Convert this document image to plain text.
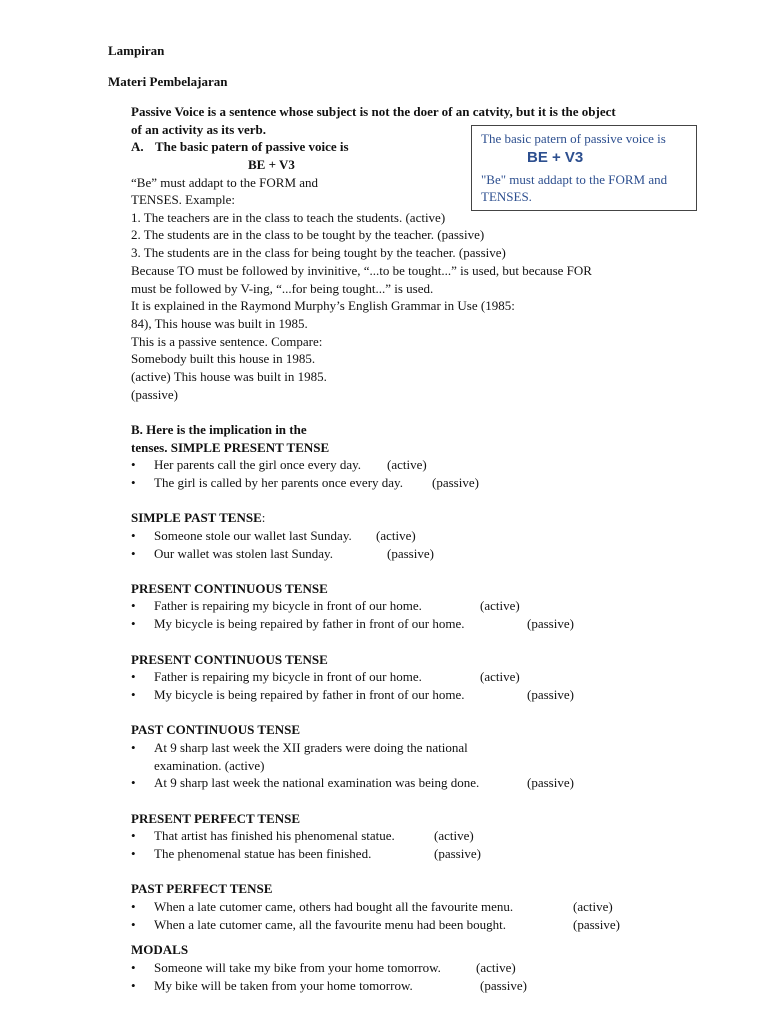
Lampiran
Materi Pembelajaran
Passive Voice is a sentence whose subject is not the doer of an catvity, but it is the object
of an activity as its verb.
A. The basic patern of passive voice is
BE + V3
“Be” must addapt to the FORM and
TENSES. Example:
1. The teachers are in the class to teach the students. (active)
2. The students are in the class to be tought by the teacher. (passive)
3. The students are in the class for being tought by the teacher. (passive)
Because TO must be followed by invinitive, “...to be tought...” is used, but because FOR
must be followed by V-ing, “...for being tought...” is used.
It is explained in the Raymond Murphy’s English Grammar in Use (1985:
84), This house was built in 1985.
This is a passive sentence. Compare:
Somebody built this house in 1985.
(active) This house was built in 1985.
(passive)
The basic patern of passive voice is
BE + V3
"Be" must addapt to the FORM and
TENSES.
B. Here is the implication in the
tenses. SIMPLE PRESENT TENSE
• Her parents call the girl once every day. (active)
• The girl is called by her parents once every day. (passive)
SIMPLE PAST TENSE:
• Someone stole our wallet last Sunday. (active)
• Our wallet was stolen last Sunday.	(passive)
PRESENT CONTINUOUS TENSE
• Father is repairing my bicycle in front of our home.	(active)
• My bicycle is being repaired by father in front of our home.	(passive)
PRESENT CONTINUOUS TENSE
• Father is repairing my bicycle in front of our home.	(active)
• My bicycle is being repaired by father in front of our home.	(passive)
PAST CONTINUOUS TENSE
• At 9 sharp last week the XII graders were doing the national
examination. (active)
• At 9 sharp last week the national examination was being done.	(passive)
PRESENT PERFECT TENSE
• That artist has finished his phenomenal statue.	(active)
• The phenomenal statue has been finished.	(passive)
PAST PERFECT TENSE
• When a late cutomer came, others had bought all the favourite menu.	(active)
• When a late cutomer came, all the favourite menu had been bought.	(passive)
MODALS
• Someone will take my bike from your home tomorrow.	(active)
• My bike will be taken from your home tomorrow.	(passive)
